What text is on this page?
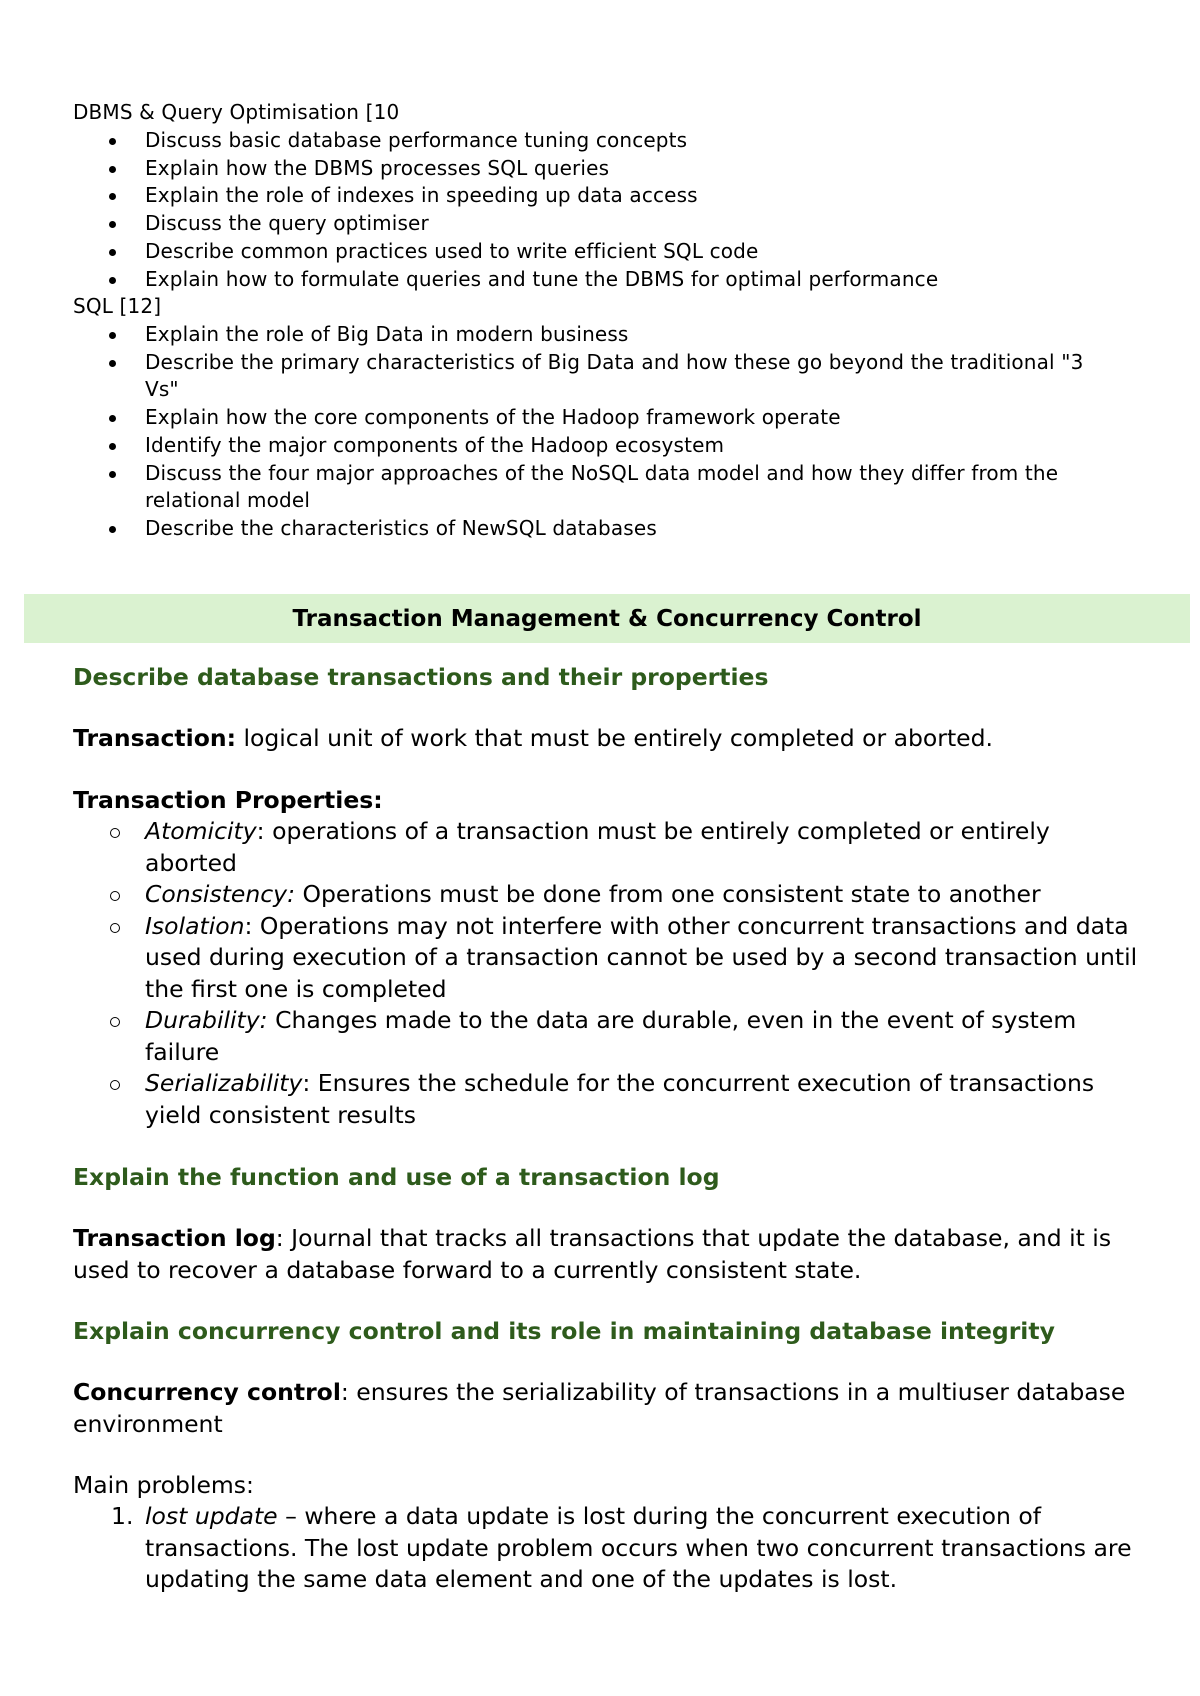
DBMS & Query Optimisation [10
Discuss basic database performance tuning concepts
Explain how the DBMS processes SQL queries
Explain the role of indexes in speeding up data access
Discuss the query optimiser
Describe common practices used to write efficient SQL code
Explain how to formulate queries and tune the DBMS for optimal performance
SQL [12]
Explain the role of Big Data in modern business
Describe the primary characteristics of Big Data and how these go beyond the traditional "3 Vs"
Explain how the core components of the Hadoop framework operate
Identify the major components of the Hadoop ecosystem
Discuss the four major approaches of the NoSQL data model and how they differ from the relational model
Describe the characteristics of NewSQL databases
Transaction Management & Concurrency Control
Describe database transactions and their properties
Transaction: logical unit of work that must be entirely completed or aborted.
Transaction Properties:
Atomicity: operations of a transaction must be entirely completed or entirely aborted
Consistency: Operations must be done from one consistent state to another
Isolation: Operations may not interfere with other concurrent transactions and data used during execution of a transaction cannot be used by a second transaction until the first one is completed
Durability: Changes made to the data are durable, even in the event of system failure
Serializability: Ensures the schedule for the concurrent execution of transactions yield consistent results
Explain the function and use of a transaction log
Transaction log: Journal that tracks all transactions that update the database, and it is used to recover a database forward to a currently consistent state.
Explain concurrency control and its role in maintaining database integrity
Concurrency control: ensures the serializability of transactions in a multiuser database environment
Main problems:
1. lost update – where a data update is lost during the concurrent execution of transactions. The lost update problem occurs when two concurrent transactions are updating the same data element and one of the updates is lost.
